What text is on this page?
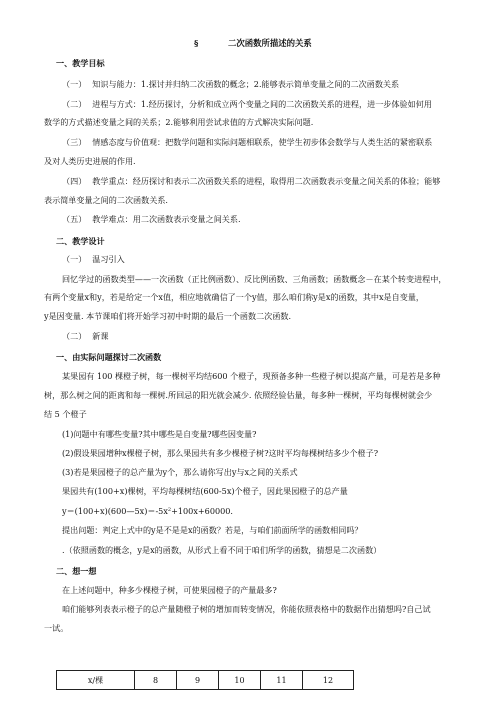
§	二次函数所描述的关系
一、教学目标
（一） 知识与能力：1.探讨并归纳二次函数的概念；2.能够表示简单变量之间的二次函数关系
（二） 进程与方式：1.经历探讨，分析和成立两个变量之间的二次函数关系的进程，进一步体验如何用
数学的方式描述变量之间的关系；2.能够利用尝试求值的方式解决实际问题.
（三） 情感态度与价值观：把数学问题和实际问题相联系，使学生初步体会数学与人类生活的紧密联系
及对人类历史进展的作用.
（四） 教学重点：经历探讨和表示二次函数关系的进程，取得用二次函数表示变量之间关系的体验；能够
表示简单变量之间的二次函数关系.
（五） 教学难点：用二次函数表示变量之间关系.
二、教学设计
（一） 温习引入
回忆学过的函数类型——一次函数（正比例函数）、反比例函数、三角函数；函数概念－在某个转变进程中，
有两个变量x和y，若是给定一个x值，相应地就确信了一个y值，那么咱们称y是x的函数，其中x是自变量，
y是因变量. 本节课咱们将开始学习初中时期的最后一个函数二次函数.
（二） 新课
一、由实际问题探讨二次函数
某果园有 100 棵橙子树，每一棵树平均结600 个橙子，现预备多种一些橙子树以提高产量，可是若是多种
树，那么树之间的距离和每一棵树.所回忌的阳光就会减少. 依照经验估量，每多种一棵树，平均每棵树就会少
结 5 个橙子
(1)问题中有哪些变量?其中哪些是自变量?哪些因变量?
(2)假设果园增种x棵橙子树，那么果园共有多少棵橙子树?这时平均每棵树结多少个橙子?
(3)若是果园橙子的总产量为y个，那么请你写出y与x之间的关系式
果园共有(100+x)棵树，平均每棵树结(600-5x)个橙子，因此果园橙子的总产量
$y=(100+x)(600—5x)=-5x^2+100x+60000$.
提出问题：判定上式中的y是不是是x的函数？若是，与咱们前面所学的函数相同吗？
.（依照函数的概念，y是x的函数，从形式上看不同于咱们所学的函数，猜想是二次函数）
二、想一想
在上述问题中，种多少棵橙子树，可使果园橙子的产量最多?
咱们能够列表表示橙子的总产量随橙子树的增加而转变情况，你能依照表格中的数据作出猜想吗?自己试
一试。
x/棵	8	9	10	11	12
